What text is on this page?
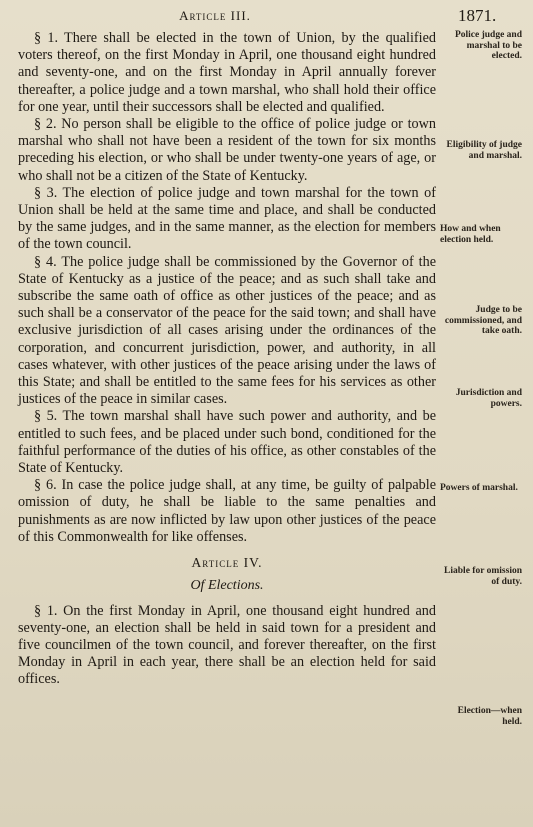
Article III.	1871.

§ 1. There shall be elected in the town of Union, by the qualified voters thereof, on the first Monday in April, one thousand eight hundred and seventy-one, and on the first Monday in April annually forever thereafter, a police judge and a town marshal, who shall hold their office for one year, until their successors shall be elected and qualified.

§ 2. No person shall be eligible to the office of police judge or town marshal who shall not have been a resident of the town for six months preceding his election, or who shall be under twenty-one years of age, or who shall not be a citizen of the State of Kentucky.

§ 3. The election of police judge and town marshal for the town of Union shall be held at the same time and place, and shall be conducted by the same judges, and in the same manner, as the election for members of the town council.

§ 4. The police judge shall be commissioned by the Governor of the State of Kentucky as a justice of the peace; and as such shall take and subscribe the same oath of office as other justices of the peace; and as such shall be a conservator of the peace for the said town; and shall have exclusive jurisdiction of all cases arising under the ordinances of the corporation, and concurrent jurisdiction, power, and authority, in all cases whatever, with other justices of the peace arising under the laws of this State; and shall be entitled to the same fees for his services as other justices of the peace in similar cases.

§ 5. The town marshal shall have such power and authority, and be entitled to such fees, and be placed under such bond, conditioned for the faithful performance of the duties of his office, as other constables of the State of Kentucky.

§ 6. In case the police judge shall, at any time, be guilty of palpable omission of duty, he shall be liable to the same penalties and punishments as are now inflicted by law upon other justices of the peace of this Commonwealth for like offenses.

Article IV.

Of Elections.

§ 1. On the first Monday in April, one thousand eight hundred and seventy-one, an election shall be held in said town for a president and five councilmen of the town council, and forever thereafter, on the first Monday in April in each year, there shall be an election held for said offices.

Police judge and marshal to be elected.
Eligibility of judge and marshal.
How and when election held.
Judge to be commissioned, and take oath.
Jurisdiction and powers.
Powers of marshal.
Liable for omission of duty.
Election—when held.
